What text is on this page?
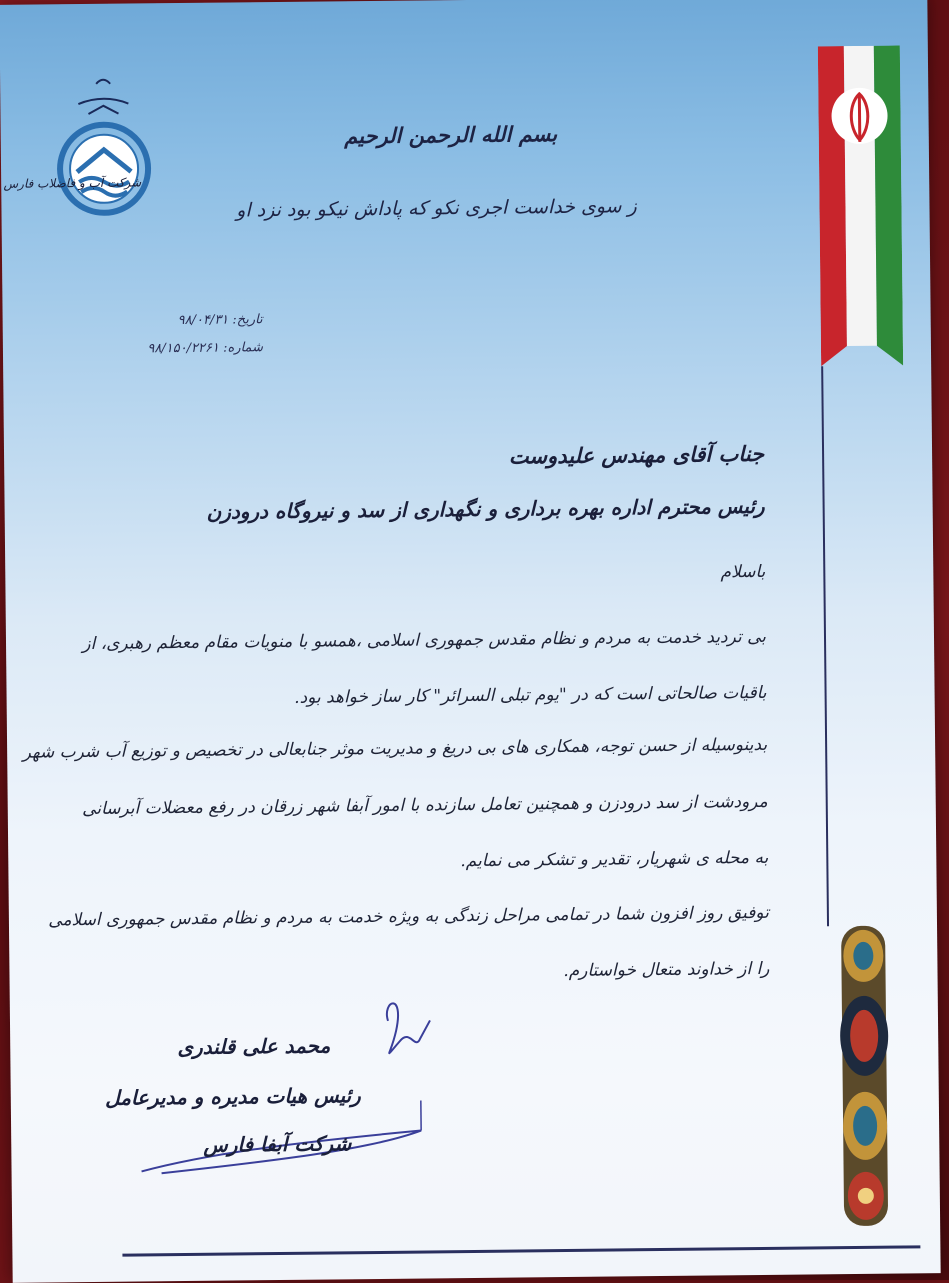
شرکت آب و فاضلاب فارس
بسم الله الرحمن الرحیم
ز سوی خداست اجری نکو که پاداش نیکو بود نزد او
تاریخ: ۹۸/۰۴/۳۱
شماره: ۹۸/۱۵۰/۲۲۶۱
جناب آقای مهندس علیدوست
رئیس محترم اداره بهره برداری و نگهداری از سد و نیروگاه درودزن
باسلام
بی تردید خدمت به مردم و نظام مقدس جمهوری اسلامی ،همسو با منویات مقام معظم رهبری، از
باقیات صالحاتی است که در "یوم تبلی السرائر" کار ساز خواهد بود.
بدینوسیله از حسن توجه، همکاری های بی دریغ و مدیریت موثر جنابعالی در تخصیص و توزیع آب شرب شهر
مرودشت از سد درودزن و همچنین تعامل سازنده با امور آبفا شهر زرقان در رفع معضلات آبرسانی
به محله ی شهریار، تقدیر و تشکر می نمایم.
توفیق روز افزون شما در تمامی مراحل زندگی به ویژه خدمت به مردم و نظام مقدس جمهوری اسلامی
را از خداوند متعال خواستارم.
محمد علی قلندری
رئیس هیات مدیره و مدیرعامل
شرکت آبفا فارس
